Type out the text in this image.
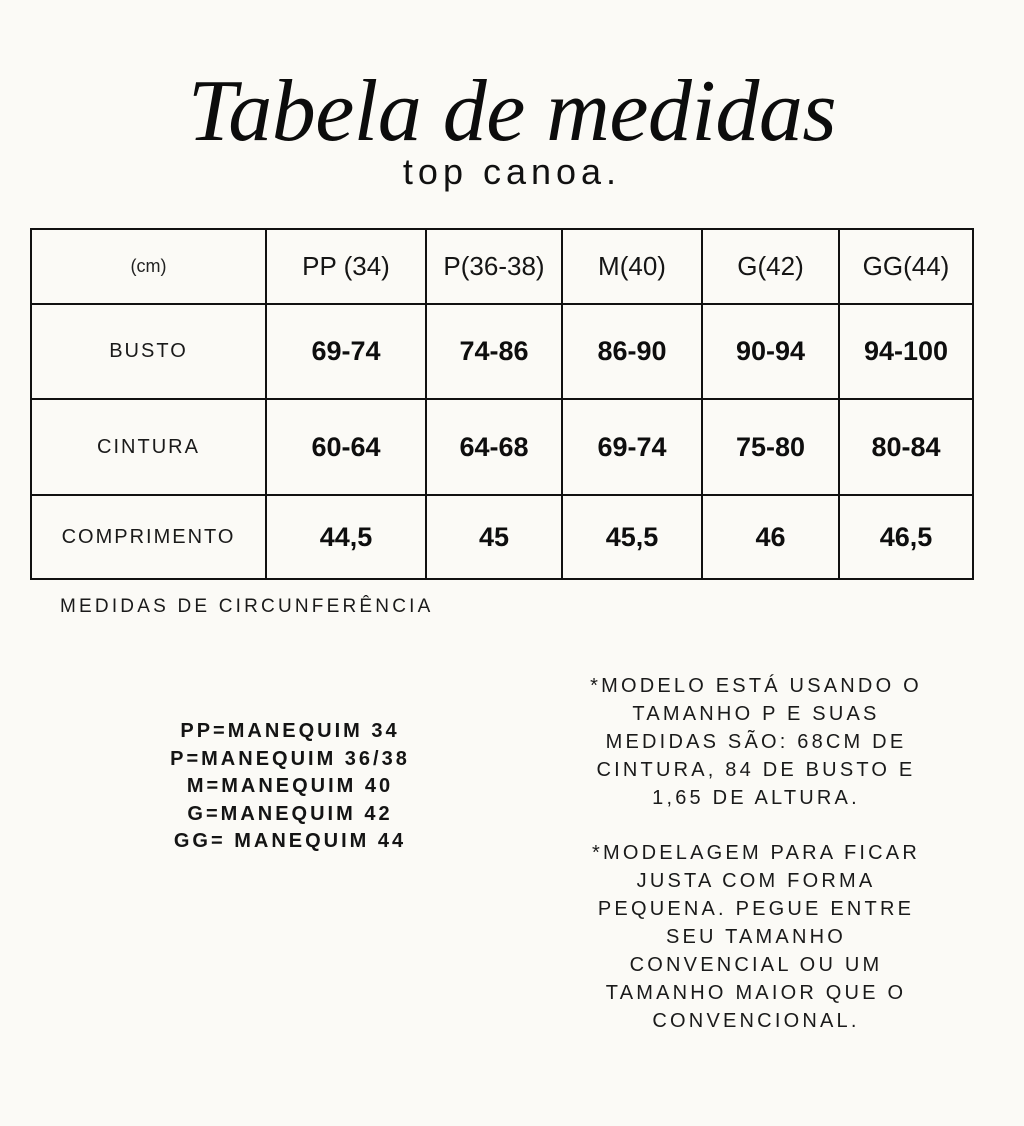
Tabela de medidas
top canoa.
(cm)	PP (34)	P(36-38)	M(40)	G(42)	GG(44)
BUSTO	69-74	74-86	86-90	90-94	94-100
CINTURA	60-64	64-68	69-74	75-80	80-84
COMPRIMENTO	44,5	45	45,5	46	46,5
MEDIDAS DE CIRCUNFERÊNCIA
PP=MANEQUIM 34
P=MANEQUIM 36/38
M=MANEQUIM 40
G=MANEQUIM 42
GG= MANEQUIM 44
*MODELO ESTÁ USANDO O
TAMANHO P E SUAS
MEDIDAS SÃO: 68CM DE
CINTURA, 84 DE BUSTO E
1,65 DE ALTURA.
*MODELAGEM PARA FICAR
JUSTA COM FORMA
PEQUENA. PEGUE ENTRE
SEU TAMANHO
CONVENCIAL OU UM
TAMANHO MAIOR QUE O
CONVENCIONAL.
